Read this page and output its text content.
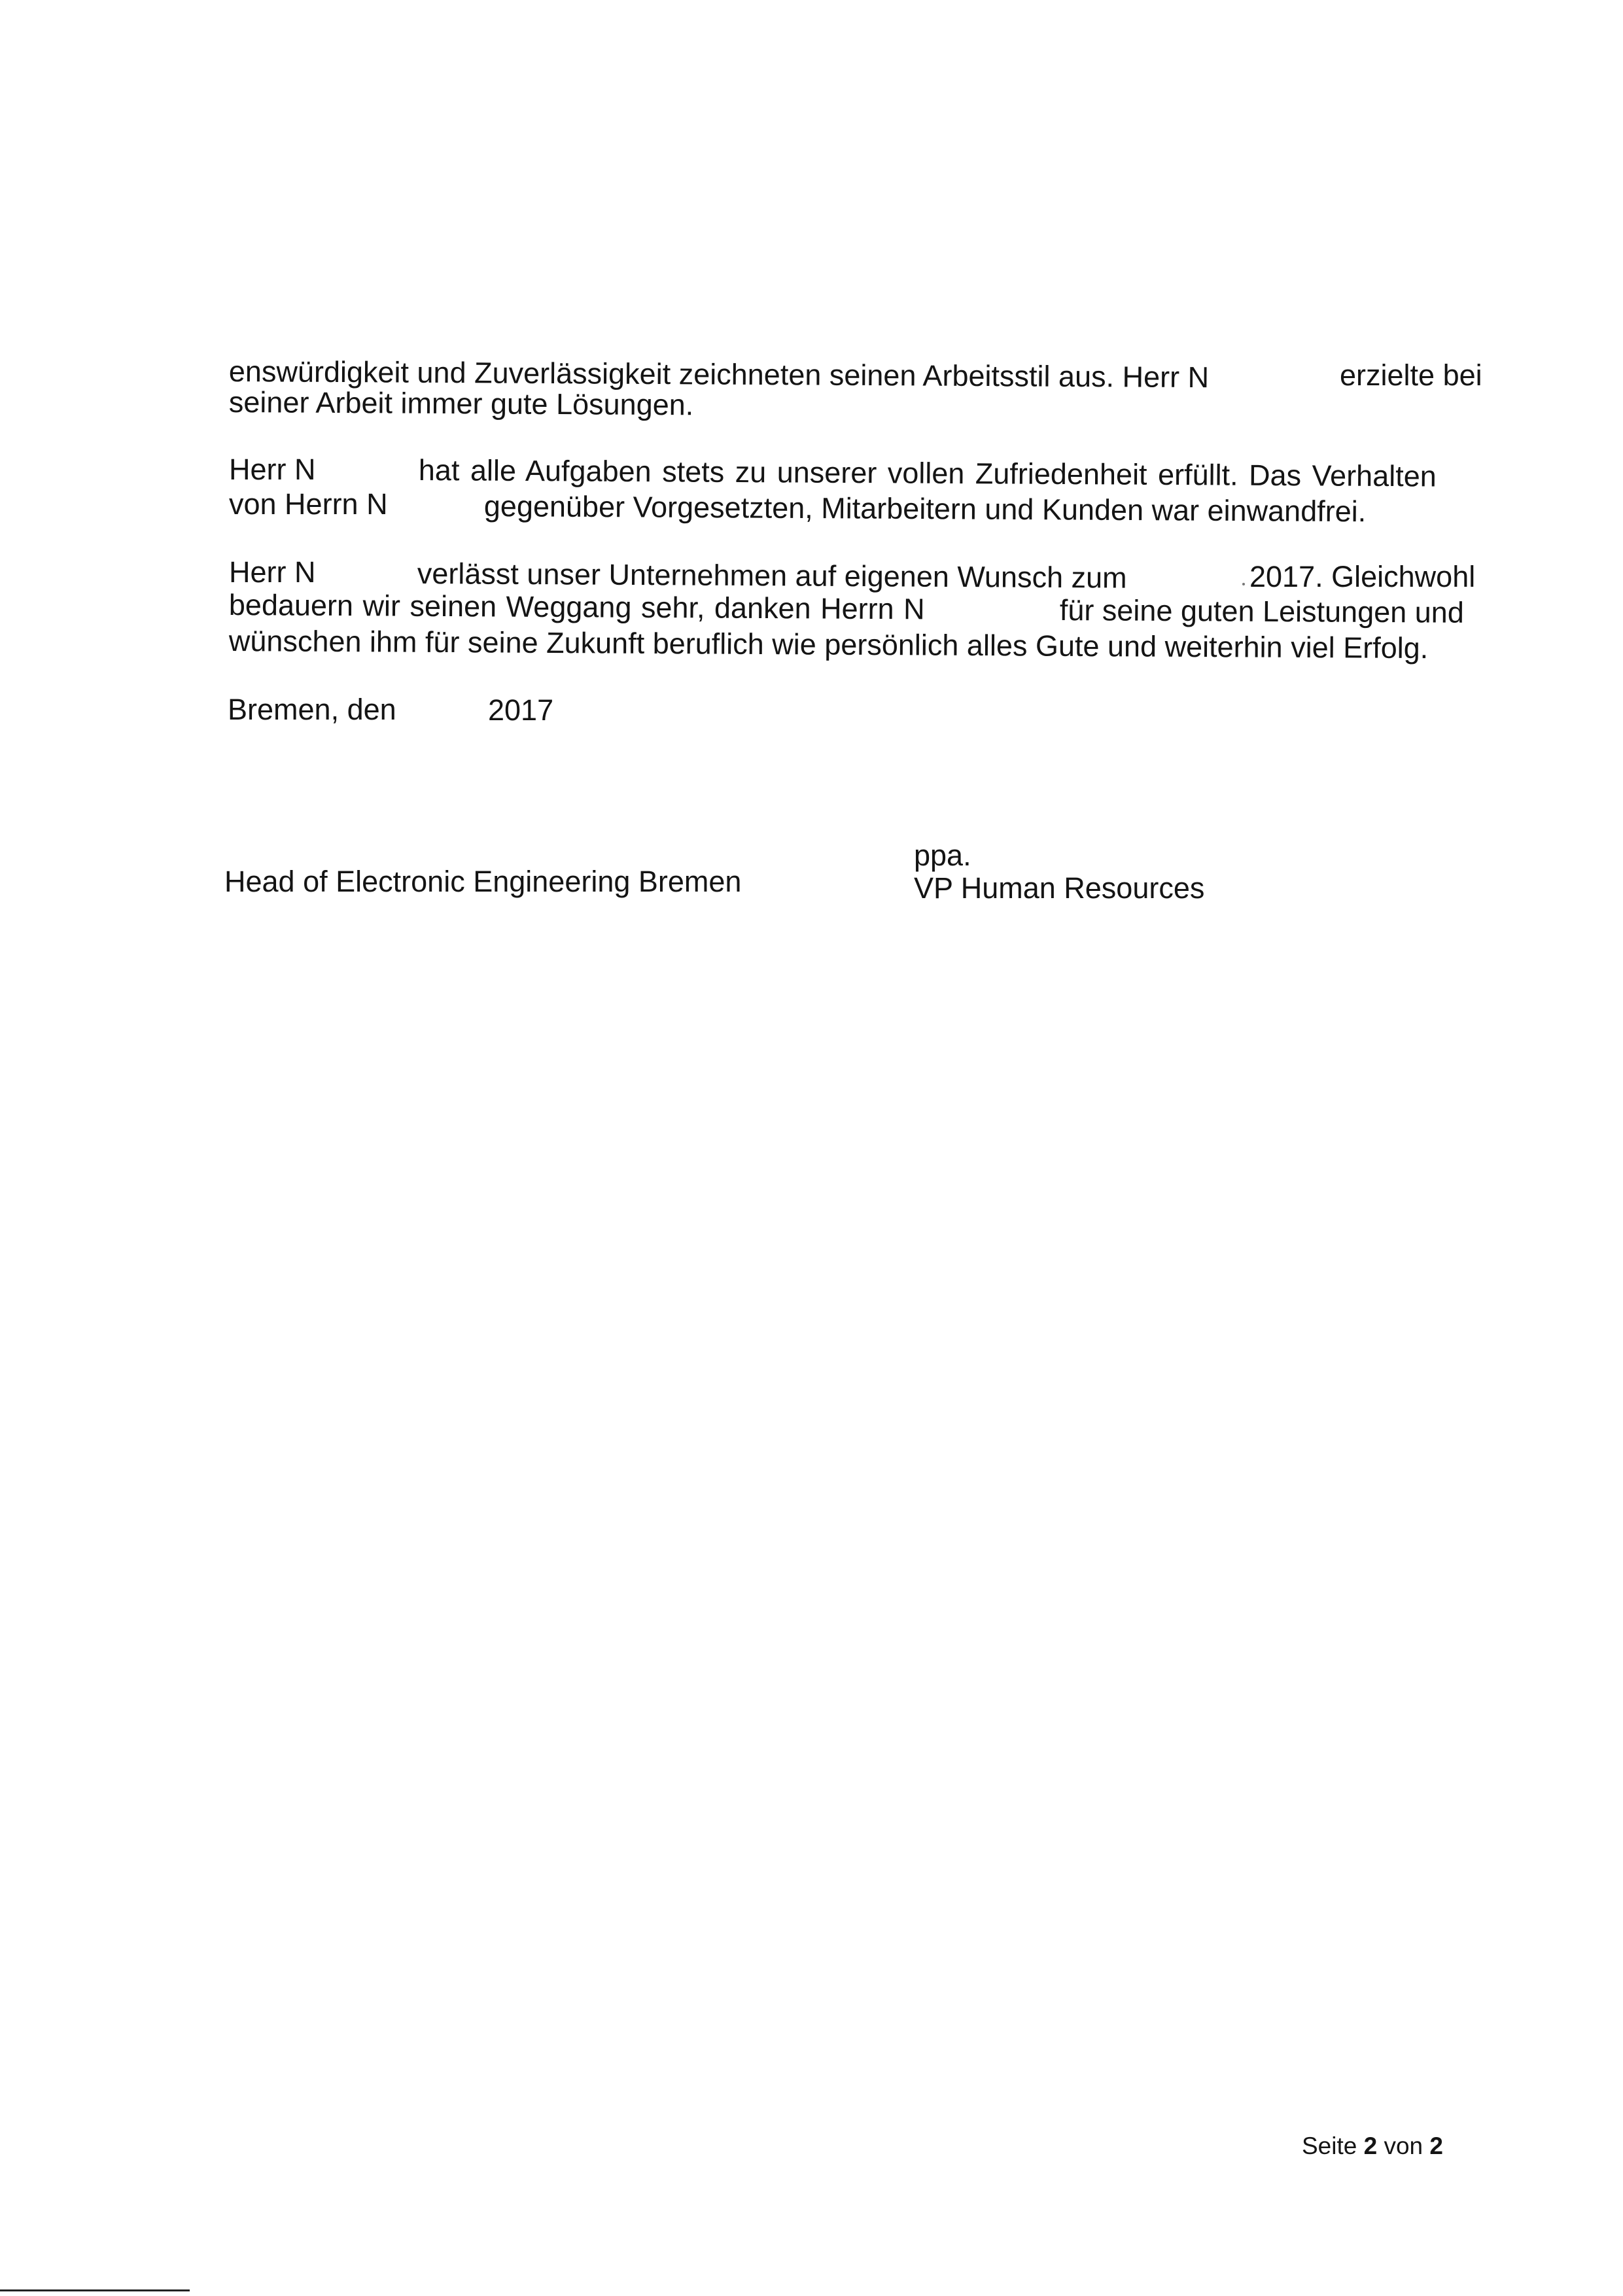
enswürdigkeit und Zuverlässigkeit zeichneten seinen Arbeitsstil aus. Herr N	erzielte bei
seiner Arbeit immer gute Lösungen.
Herr N	hat alle Aufgaben stets zu unserer vollen Zufriedenheit erfüllt. Das Verhalten
von Herrn N	gegenüber Vorgesetzten, Mitarbeitern und Kunden war einwandfrei.
Herr N	verlässt unser Unternehmen auf eigenen Wunsch zum	2017. Gleichwohl
bedauern wir seinen Weggang sehr, danken Herrn N	für seine guten Leistungen und
wünschen ihm für seine Zukunft beruflich wie persönlich alles Gute und weiterhin viel Erfolg.
Bremen, den	2017
Head of Electronic Engineering Bremen
ppa.
VP Human Resources
Seite 2 von 2
